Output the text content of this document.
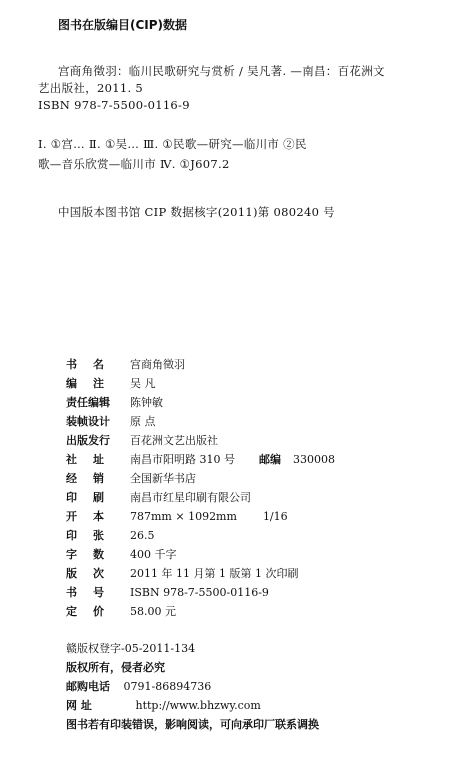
图书在版编目(CIP)数据
宫商角徵羽：临川民歌研究与赏析 / 吴凡著. —南昌：百花洲文
艺出版社，2011. 5
ISBN 978-7-5500-0116-9
Ⅰ. ①宫… Ⅱ. ①吴… Ⅲ. ①民歌—研究—临川市 ②民
歌—音乐欣赏—临川市 Ⅳ. ①J607.2
中国版本图书馆 CIP 数据核字(2011)第 080240 号
书 名 宫商角徵羽
编 注 吴 凡
责任编辑	陈钟敏
装帧设计	原 点
出版发行	百花洲文艺出版社
社 址 南昌市阳明路 310 号 邮编 330008
经 销 全国新华书店
印 刷 南昌市红星印刷有限公司
开 本 787mm × 1092mm 1/16
印 张 26.5
字 数 400 千字
版 次 2011 年 11 月第 1 版第 1 次印刷
书 号 ISBN 978-7-5500-0116-9
定 价 58.00 元
赣版权登字-05-2011-134
版权所有，侵者必究
邮购电话 0791-86894736
网 址	http://www.bhzwy.com
图书若有印装错误，影响阅读，可向承印厂联系调换
